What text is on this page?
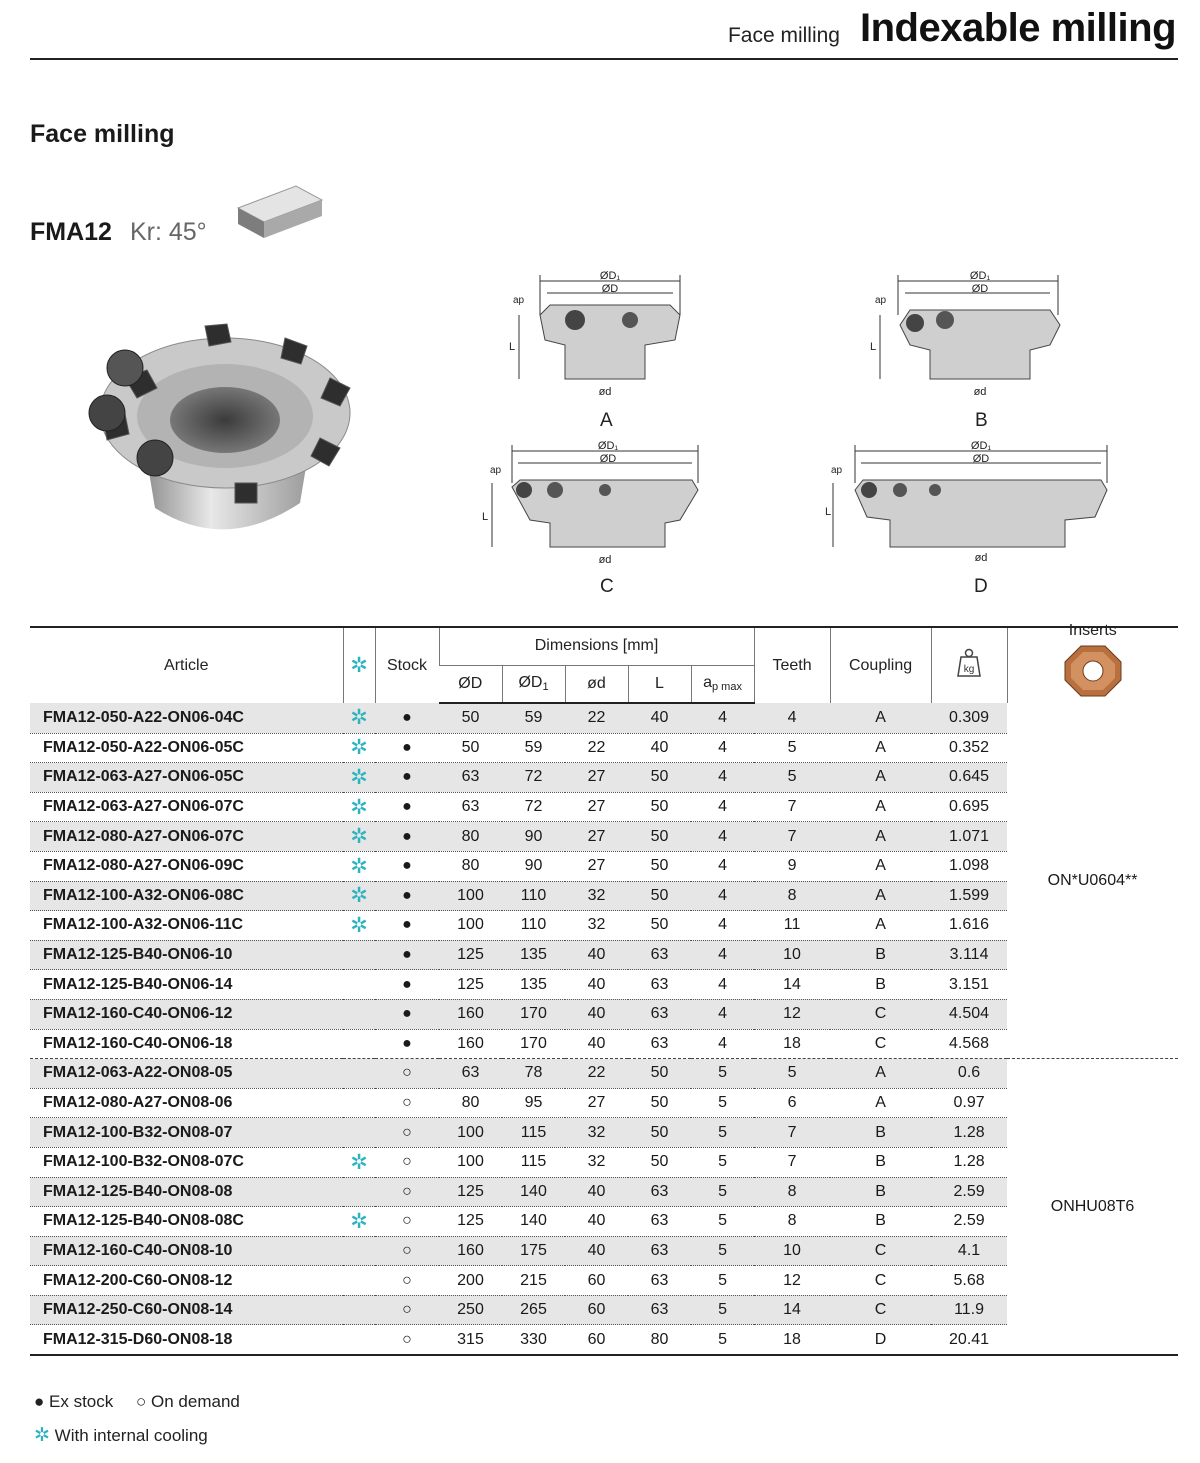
Face milling Indexable milling
Face milling
FMA12 Kr: 45°
ØD₁
ØD
ap
L
ød
A
ØD₁
ØD
ap
L
ød
B
ØD₁
ØD
ap
L
ød
C
ØD₁
ØD
ap
L
ød
D
Article	✲	Stock	Dimensions [mm]					Teeth	Coupling	kg	Inserts

			ØD	$ØD_1$	ød	L	$a_{p max}$
FMA12-050-A22-ON06-04C	✲	●	50	59	22	40	4	4	A	0.309	ON*U0604**
FMA12-050-A22-ON06-05C	✲	●	50	59	22	40	4	5	A	0.352	
FMA12-063-A27-ON06-05C	✲	●	63	72	27	50	4	5	A	0.645	
FMA12-063-A27-ON06-07C	✲	●	63	72	27	50	4	7	A	0.695	
FMA12-080-A27-ON06-07C	✲	●	80	90	27	50	4	7	A	1.071	
FMA12-080-A27-ON06-09C	✲	●	80	90	27	50	4	9	A	1.098	
FMA12-100-A32-ON06-08C	✲	●	100	110	32	50	4	8	A	1.599	
FMA12-100-A32-ON06-11C	✲	●	100	110	32	50	4	11	A	1.616	
FMA12-125-B40-ON06-10		●	125	135	40	63	4	10	B	3.114	
FMA12-125-B40-ON06-14		●	125	135	40	63	4	14	B	3.151	
FMA12-160-C40-ON06-12		●	160	170	40	63	4	12	C	4.504	
FMA12-160-C40-ON06-18		●	160	170	40	63	4	18	C	4.568	
FMA12-063-A22-ON08-05		○	63	78	22	50	5	5	A	0.6	ONHU08T6
FMA12-080-A27-ON08-06		○	80	95	27	50	5	6	A	0.97	
FMA12-100-B32-ON08-07		○	100	115	32	50	5	7	B	1.28	
FMA12-100-B32-ON08-07C	✲	○	100	115	32	50	5	7	B	1.28	
FMA12-125-B40-ON08-08		○	125	140	40	63	5	8	B	2.59	
FMA12-125-B40-ON08-08C	✲	○	125	140	40	63	5	8	B	2.59	
FMA12-160-C40-ON08-10		○	160	175	40	63	5	10	C	4.1	
FMA12-200-C60-ON08-12		○	200	215	60	63	5	12	C	5.68	
FMA12-250-C60-ON08-14		○	250	265	60	63	5	14	C	11.9	
FMA12-315-D60-ON08-18		○	315	330	60	80	5	18	D	20.41	
● Ex stock ○ On demand
✲ With internal cooling
